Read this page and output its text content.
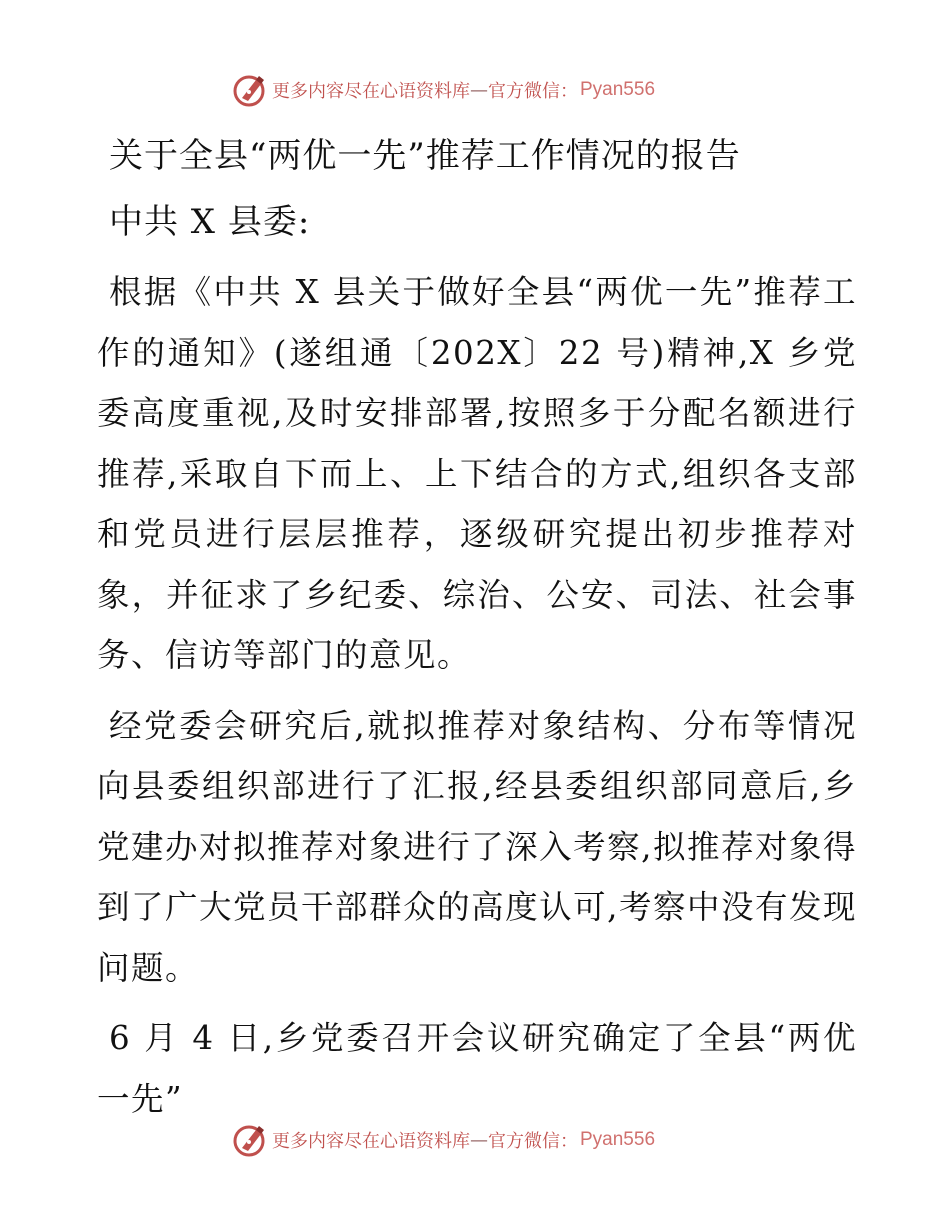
更多内容尽在心语资料库 — 官方微信： Pyan556
关于全县“两优一先”推荐工作情况的报告
中共 X 县委:

根据《中共 X 县关于做好全县“两优一先”推荐工作的通知》(遂组通〔202X〕22 号)精神,X 乡党委高度重视,及时安排部署,按照多于分配名额进行推荐,采取自下而上、上下结合的方式,组织各支部和党员进行层层推荐，逐级研究提出初步推荐对象，并征求了乡纪委、综治、公安、司法、社会事务、信访等部门的意见。

经党委会研究后,就拟推荐对象结构、分布等情况向县委组织部进行了汇报,经县委组织部同意后,乡党建办对拟推荐对象进行了深入考察,拟推荐对象得到了广大党员干部群众的高度认可,考察中没有发现问题。

6 月 4 日,乡党委召开会议研究确定了全县“两优一先”

更多内容尽在心语资料库 — 官方微信： Pyan556
